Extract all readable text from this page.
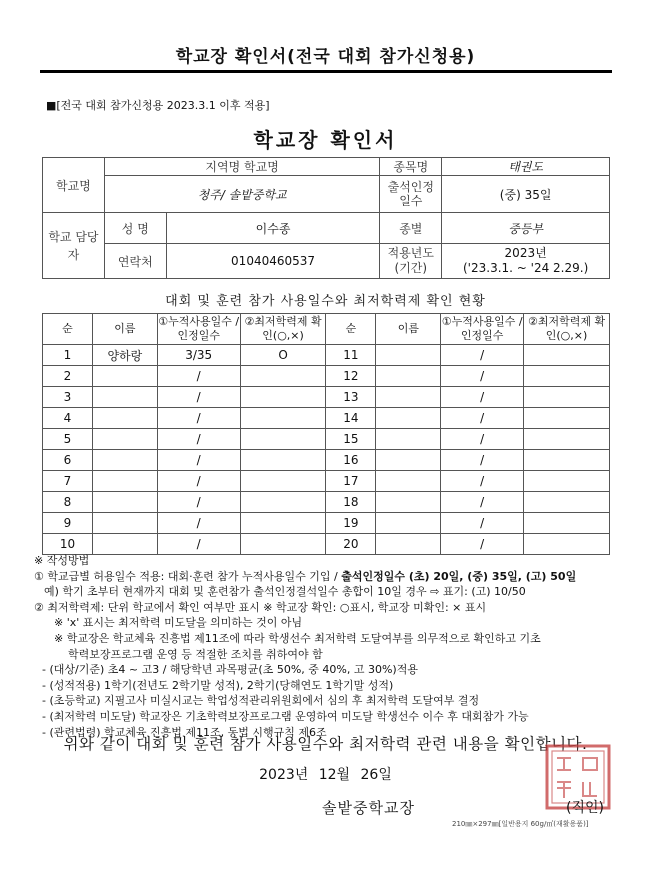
학교장 확인서(전국 대회 참가신청용)
■[전국 대회 참가신청용 2023.3.1 이후 적용]
학교장 확인서
학교명	지역명 학교명		종목명	태권도
	청주/ 솔밭중학교		출석인정 일수	(중) 35일
학교 담당자	성 명	이수종	종별	중등부
	연락처	01040460537	적용년도 (기간)	2023년
('23.3.1. ~ '24 2.29.)
대회 및 훈련 참가 사용일수와 최저학력제 확인 현황
순	이름	①누적사용일수 /인정일수	②최저학력제 확인(○,×)	순	이름	①누적사용일수 /인정일수	②최저학력제 확인(○,×)
1	양하랑	3/35	O	11		/	
2		/		12		/	
3		/		13		/	
4		/		14		/	
5		/		15		/	
6		/		16		/	
7		/		17		/	
8		/		18		/	
9		/		19		/	
10		/		20		/	
※ 작성방법
① 학교급별 허용일수 적용: 대회·훈련 참가 누적사용일수 기입 / 출석인정일수 (초) 20일, (중) 35일, (고) 50일
예) 학기 초부터 현재까지 대회 및 훈련참가 출석인정결석일수 총합이 10일 경우 ⇨ 표기: (고) 10/50
② 최저학력제: 단위 학교에서 확인 여부만 표시 ※ 학교장 확인: ○표시, 학교장 미확인: × 표시
※ 'x' 표시는 최저학력 미도달을 의미하는 것이 아님
※ 학교장은 학교체육 진흥법 제11조에 따라 학생선수 최저학력 도달여부를 의무적으로 확인하고 기초
학력보장프로그램 운영 등 적절한 조치를 취하여야 함
- (대상/기준) 초4 ~ 고3 / 해당학년 과목평균(초 50%, 중 40%, 고 30%)적용
- (성적적용) 1학기(전년도 2학기말 성적), 2학기(당해연도 1학기말 성적)
- (초등학교) 지필고사 미실시교는 학업성적관리위원회에서 심의 후 최저학력 도달여부 결정
- (최저학력 미도달) 학교장은 기초학력보장프로그램 운영하여 미도달 학생선수 이수 후 대회참가 가능
- (관련법령) 학교체육 진흥법 제11조, 동법 시행규칙 제6조
위와 같이 대회 및 훈련 참가 사용일수와 최저학력 관련 내용을 확인합니다.
2023년 12월 26일
솔밭중학교장	(직인)
210㎜×297㎜[일반용지 60g/㎡(재활용품)]
